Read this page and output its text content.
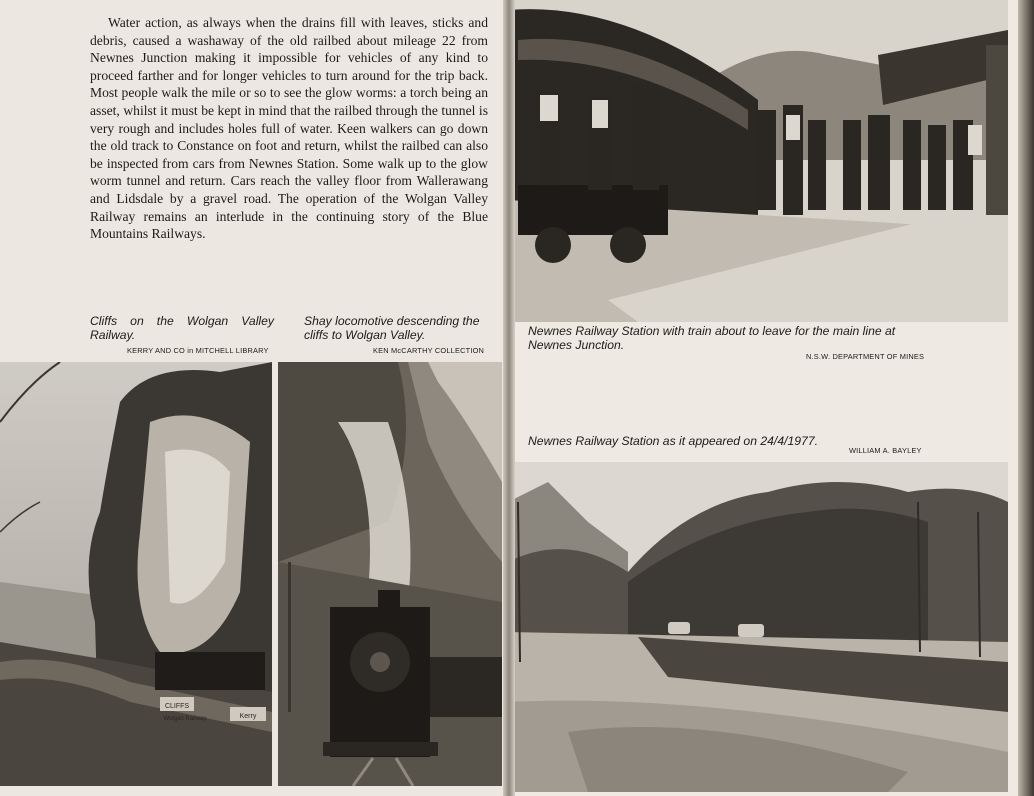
Water action, as always when the drains fill with leaves, sticks and debris, caused a washaway of the old railbed about mileage 22 from Newnes Junction making it impossible for vehicles of any kind to proceed farther and for longer vehicles to turn around for the trip back. Most people walk the mile or so to see the glow worms: a torch being an asset, whilst it must be kept in mind that the railbed through the tunnel is very rough and includes holes full of water. Keen walkers can go down the old track to Constance on foot and return, whilst the railbed can also be inspected from cars from Newnes Station. Some walk up to the glow worm tunnel and return. Cars reach the valley floor from Wallerawang and Lidsdale by a gravel road. The operation of the Wolgan Valley Railway remains an interlude in the continuing story of the Blue Mountains Railways.

Cliffs on the Wolgan Valley Railway.
KERRY AND CO in MITCHELL LIBRARY
Shay locomotive descending the cliffs to Wolgan Valley.
KEN McCARTHY COLLECTION
CLIFFS
Wolgan Railway	Kerry
Newnes Railway Station with train about to leave for the main line at Newnes Junction.
N.S.W. DEPARTMENT OF MINES
Newnes Railway Station as it appeared on 24/4/1977.
WILLIAM A. BAYLEY
